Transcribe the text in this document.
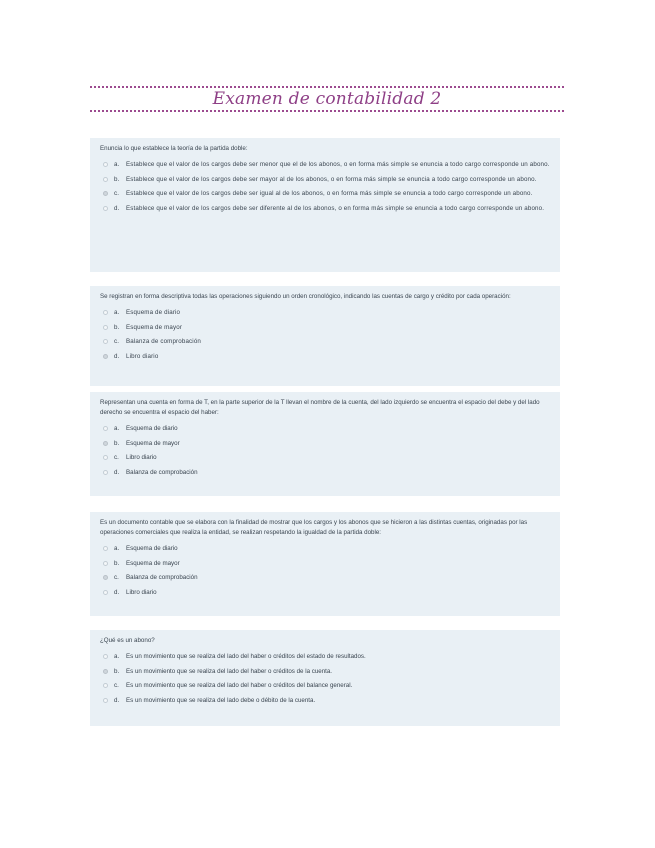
Examen de contabilidad 2
Enuncia lo que establece la teoría de la partida doble:
a.	Establece que el valor de los cargos debe ser menor que el de los abonos, o en forma más simple se enuncia a todo cargo corresponde un abono.
b.	Establece que el valor de los cargos debe ser mayor al de los abonos, o en forma más simple se enuncia a todo cargo corresponde un abono.
c.	Establece que el valor de los cargos debe ser igual al de los abonos, o en forma más simple se enuncia a todo cargo corresponde un abono.
d.	Establece que el valor de los cargos debe ser diferente al de los abonos, o en forma más simple se enuncia a todo cargo corresponde un abono.
Se registran en forma descriptiva todas las operaciones siguiendo un orden cronológico, indicando las cuentas de cargo y crédito por cada operación:
a.	Esquema de diario
b.	Esquema de mayor
c.	Balanza de comprobación
d.	Libro diario
Representan una cuenta en forma de T, en la parte superior de la T llevan el nombre de la cuenta, del lado izquierdo se encuentra el espacio del debe y del lado derecho se encuentra el espacio del haber:
a.	Esquema de diario
b.	Esquema de mayor
c.	Libro diario
d.	Balanza de comprobación
Es un documento contable que se elabora con la finalidad de mostrar que los cargos y los abonos que se hicieron a las distintas cuentas, originadas por las operaciones comerciales que realiza la entidad, se realizan respetando la igualdad de la partida doble:
a.	Esquema de diario
b.	Esquema de mayor
c.	Balanza de comprobación
d.	Libro diario
¿Qué es un abono?
a.	Es un movimiento que se realiza del lado del haber o créditos del estado de resultados.
b.	Es un movimiento que se realiza del lado del haber o créditos de la cuenta.
c.	Es un movimiento que se realiza del lado del haber o créditos del balance general.
d.	Es un movimiento que se realiza del lado debe o débito de la cuenta.
